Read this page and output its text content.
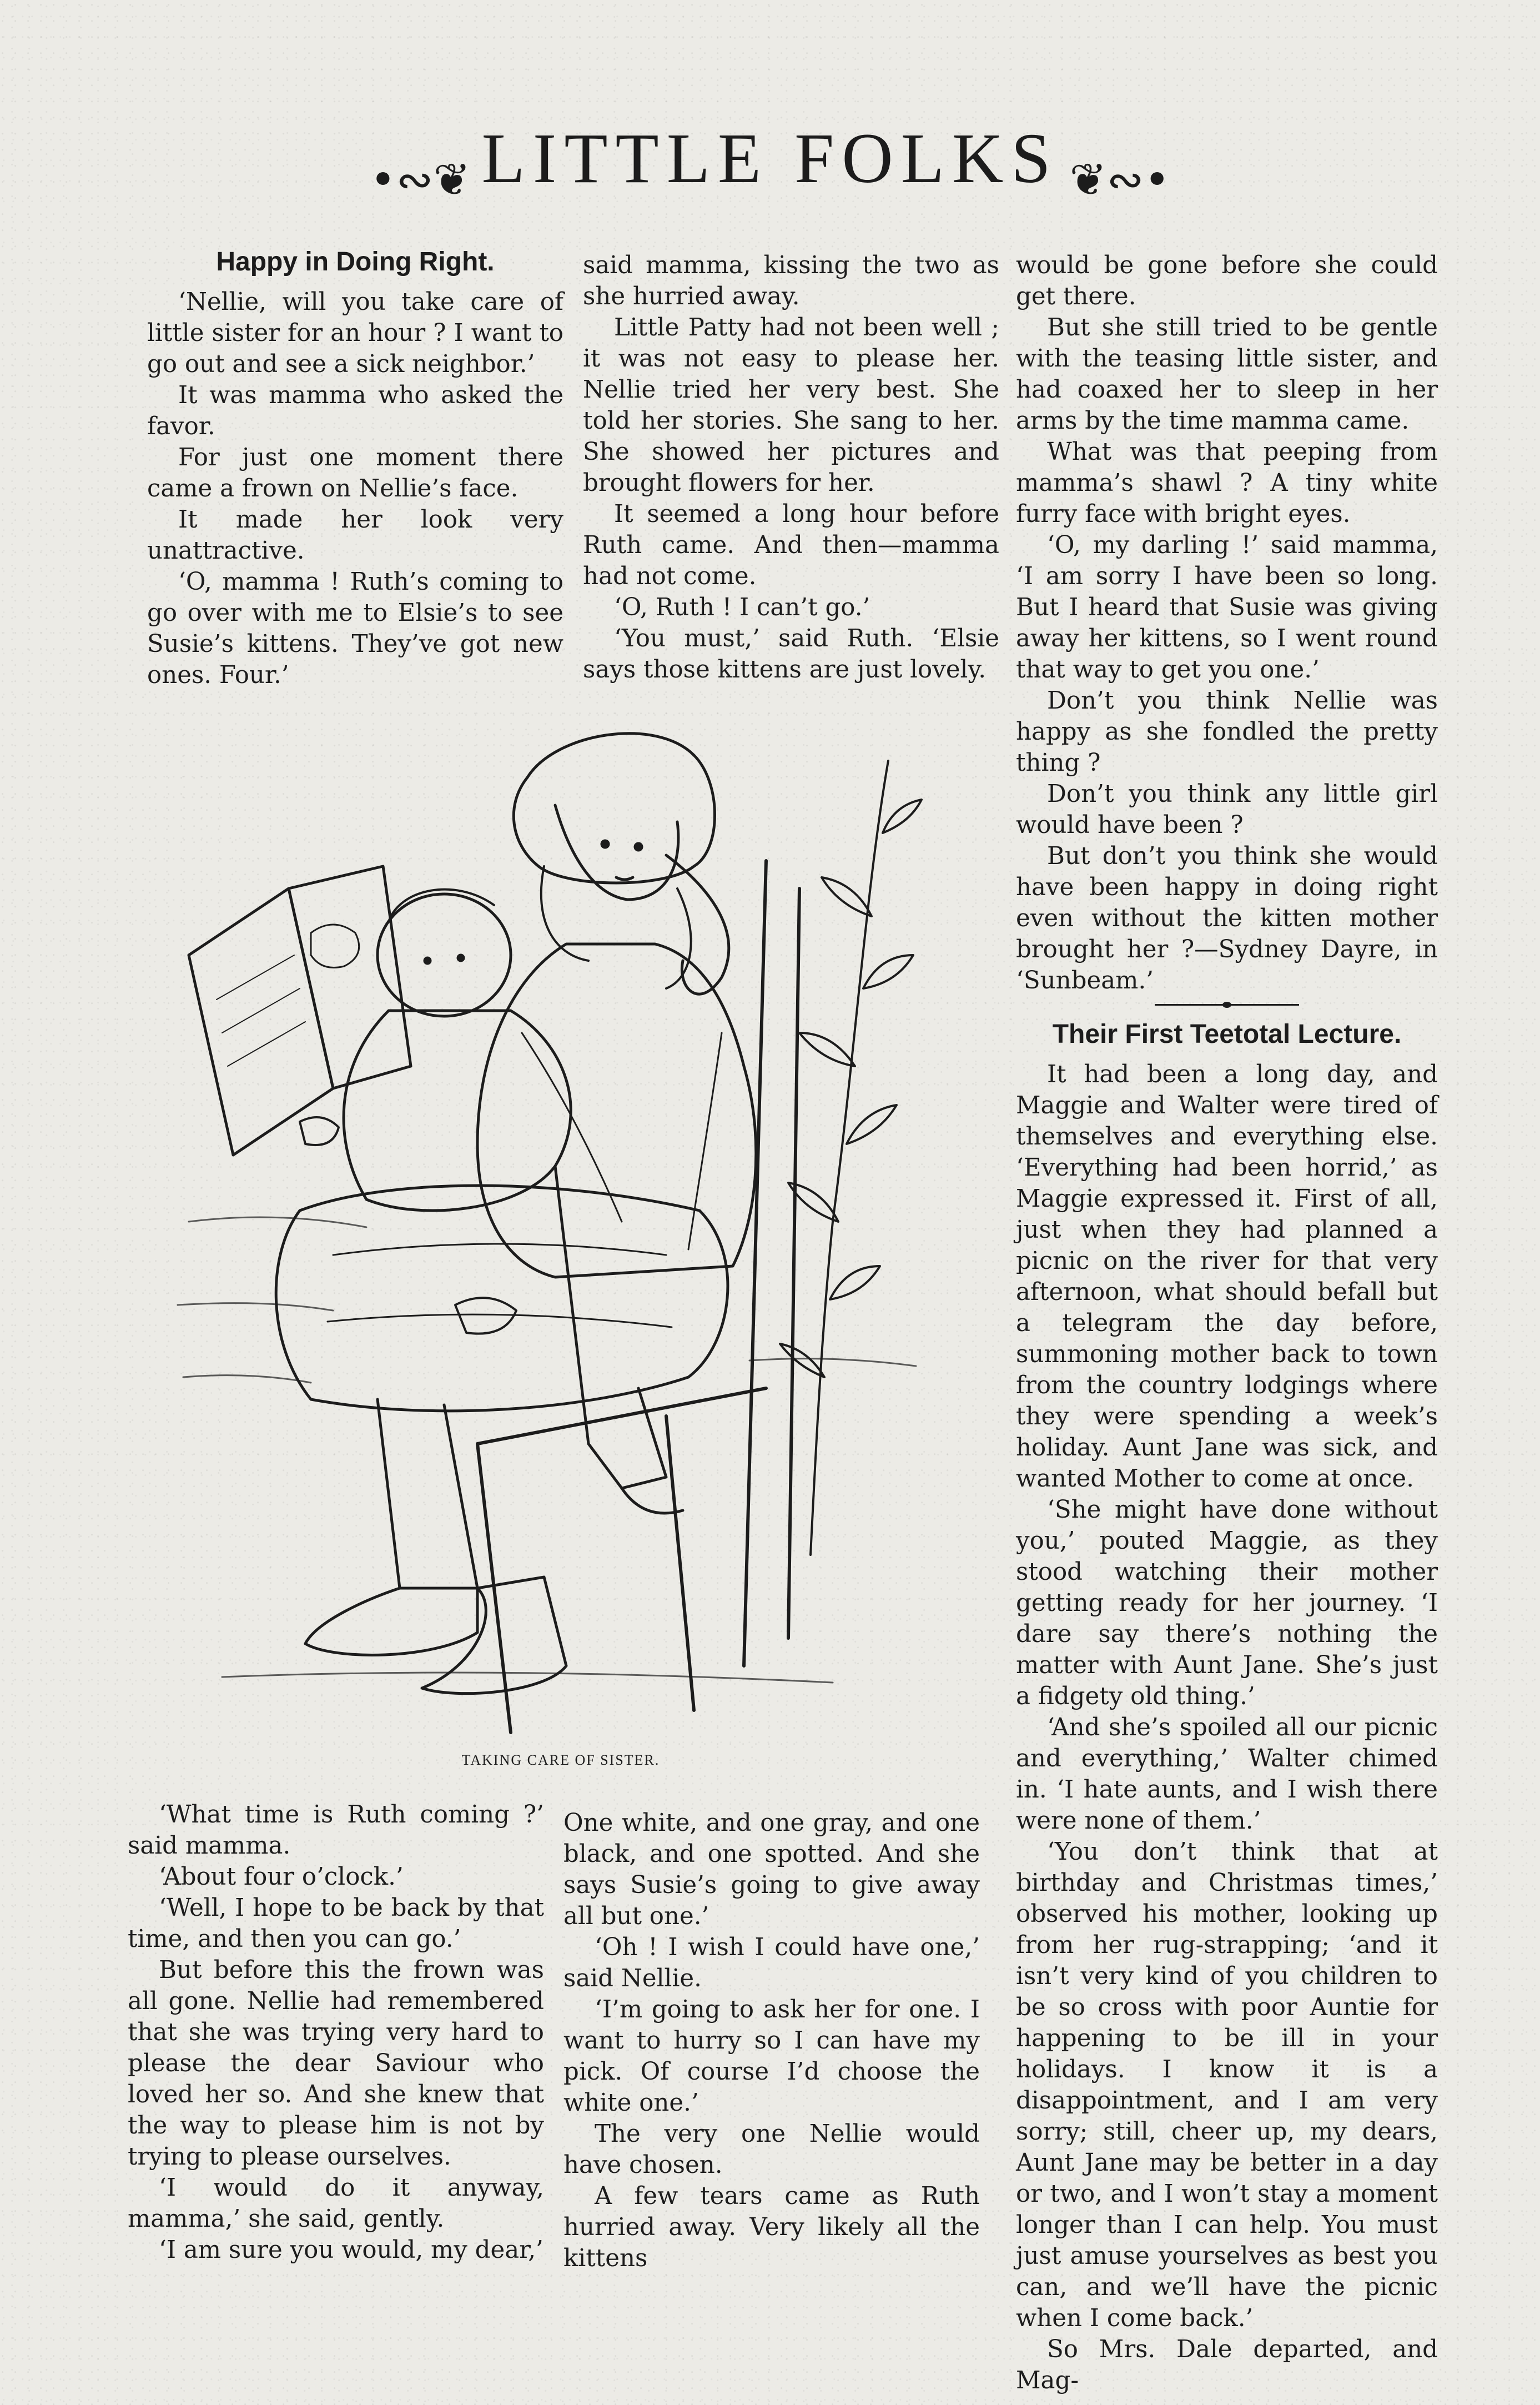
•∾❦ LITTLE FOLKS ❦∾•
Happy in Doing Right.

‘Nellie, will you take care of little sister for an hour ? I want to go out and see a sick neighbor.’

It was mamma who asked the favor.

For just one moment there came a frown on Nellie’s face.

It made her look very unattractive.

‘O, mamma ! Ruth’s coming to go over with me to Elsie’s to see Susie’s kittens. They’ve got new ones. Four.’

said mamma, kissing the two as she hurried away.

Little Patty had not been well ; it was not easy to please her. Nellie tried her very best. She told her stories. She sang to her. She showed her pictures and brought flowers for her.

It seemed a long hour before Ruth came. And then—mamma had not come.

‘O, Ruth ! I can’t go.’

‘You must,’ said Ruth. ‘Elsie says those kittens are just lovely.

would be gone before she could get there.

But she still tried to be gentle with the teasing little sister, and had coaxed her to sleep in her arms by the time mamma came.

What was that peeping from mamma’s shawl ? A tiny white furry face with bright eyes.

‘O, my darling !’ said mamma, ‘I am sorry I have been so long. But I heard that Susie was giving away her kittens, so I went round that way to get you one.’

Don’t you think Nellie was happy as she fondled the pretty thing ?

Don’t you think any little girl would have been ?

But don’t you think she would have been happy in doing right even without the kitten mother brought her ?—Sydney Dayre, in ‘Sunbeam.’

Their First Teetotal Lecture.

It had been a long day, and Maggie and Walter were tired of themselves and everything else. ‘Everything had been horrid,’ as Maggie expressed it. First of all, just when they had planned a picnic on the river for that very afternoon, what should befall but a telegram the day before, summoning mother back to town from the country lodgings where they were spending a week’s holiday. Aunt Jane was sick, and wanted Mother to come at once.

‘She might have done without you,’ pouted Maggie, as they stood watching their mother getting ready for her journey. ‘I dare say there’s nothing the matter with Aunt Jane. She’s just a fidgety old thing.’

‘And she’s spoiled all our picnic and everything,’ Walter chimed in. ‘I hate aunts, and I wish there were none of them.’

‘You don’t think that at birthday and Christmas times,’ observed his mother, looking up from her rug-strapping; ‘and it isn’t very kind of you children to be so cross with poor Auntie for happening to be ill in your holidays. I know it is a disappointment, and I am very sorry; still, cheer up, my dears, Aunt Jane may be better in a day or two, and I won’t stay a moment longer than I can help. You must just amuse yourselves as best you can, and we’ll have the picnic when I come back.’

So Mrs. Dale departed, and Mag-

TAKING CARE OF SISTER.

‘What time is Ruth coming ?’ said mamma.

‘About four o’clock.’

‘Well, I hope to be back by that time, and then you can go.’

But before this the frown was all gone. Nellie had remembered that she was trying very hard to please the dear Saviour who loved her so. And she knew that the way to please him is not by trying to please ourselves.

‘I would do it anyway, mamma,’ she said, gently.

‘I am sure you would, my dear,’

One white, and one gray, and one black, and one spotted. And she says Susie’s going to give away all but one.’

‘Oh ! I wish I could have one,’ said Nellie.

‘I’m going to ask her for one. I want to hurry so I can have my pick. Of course I’d choose the white one.’

The very one Nellie would have chosen.

A few tears came as Ruth hurried away. Very likely all the kittens
